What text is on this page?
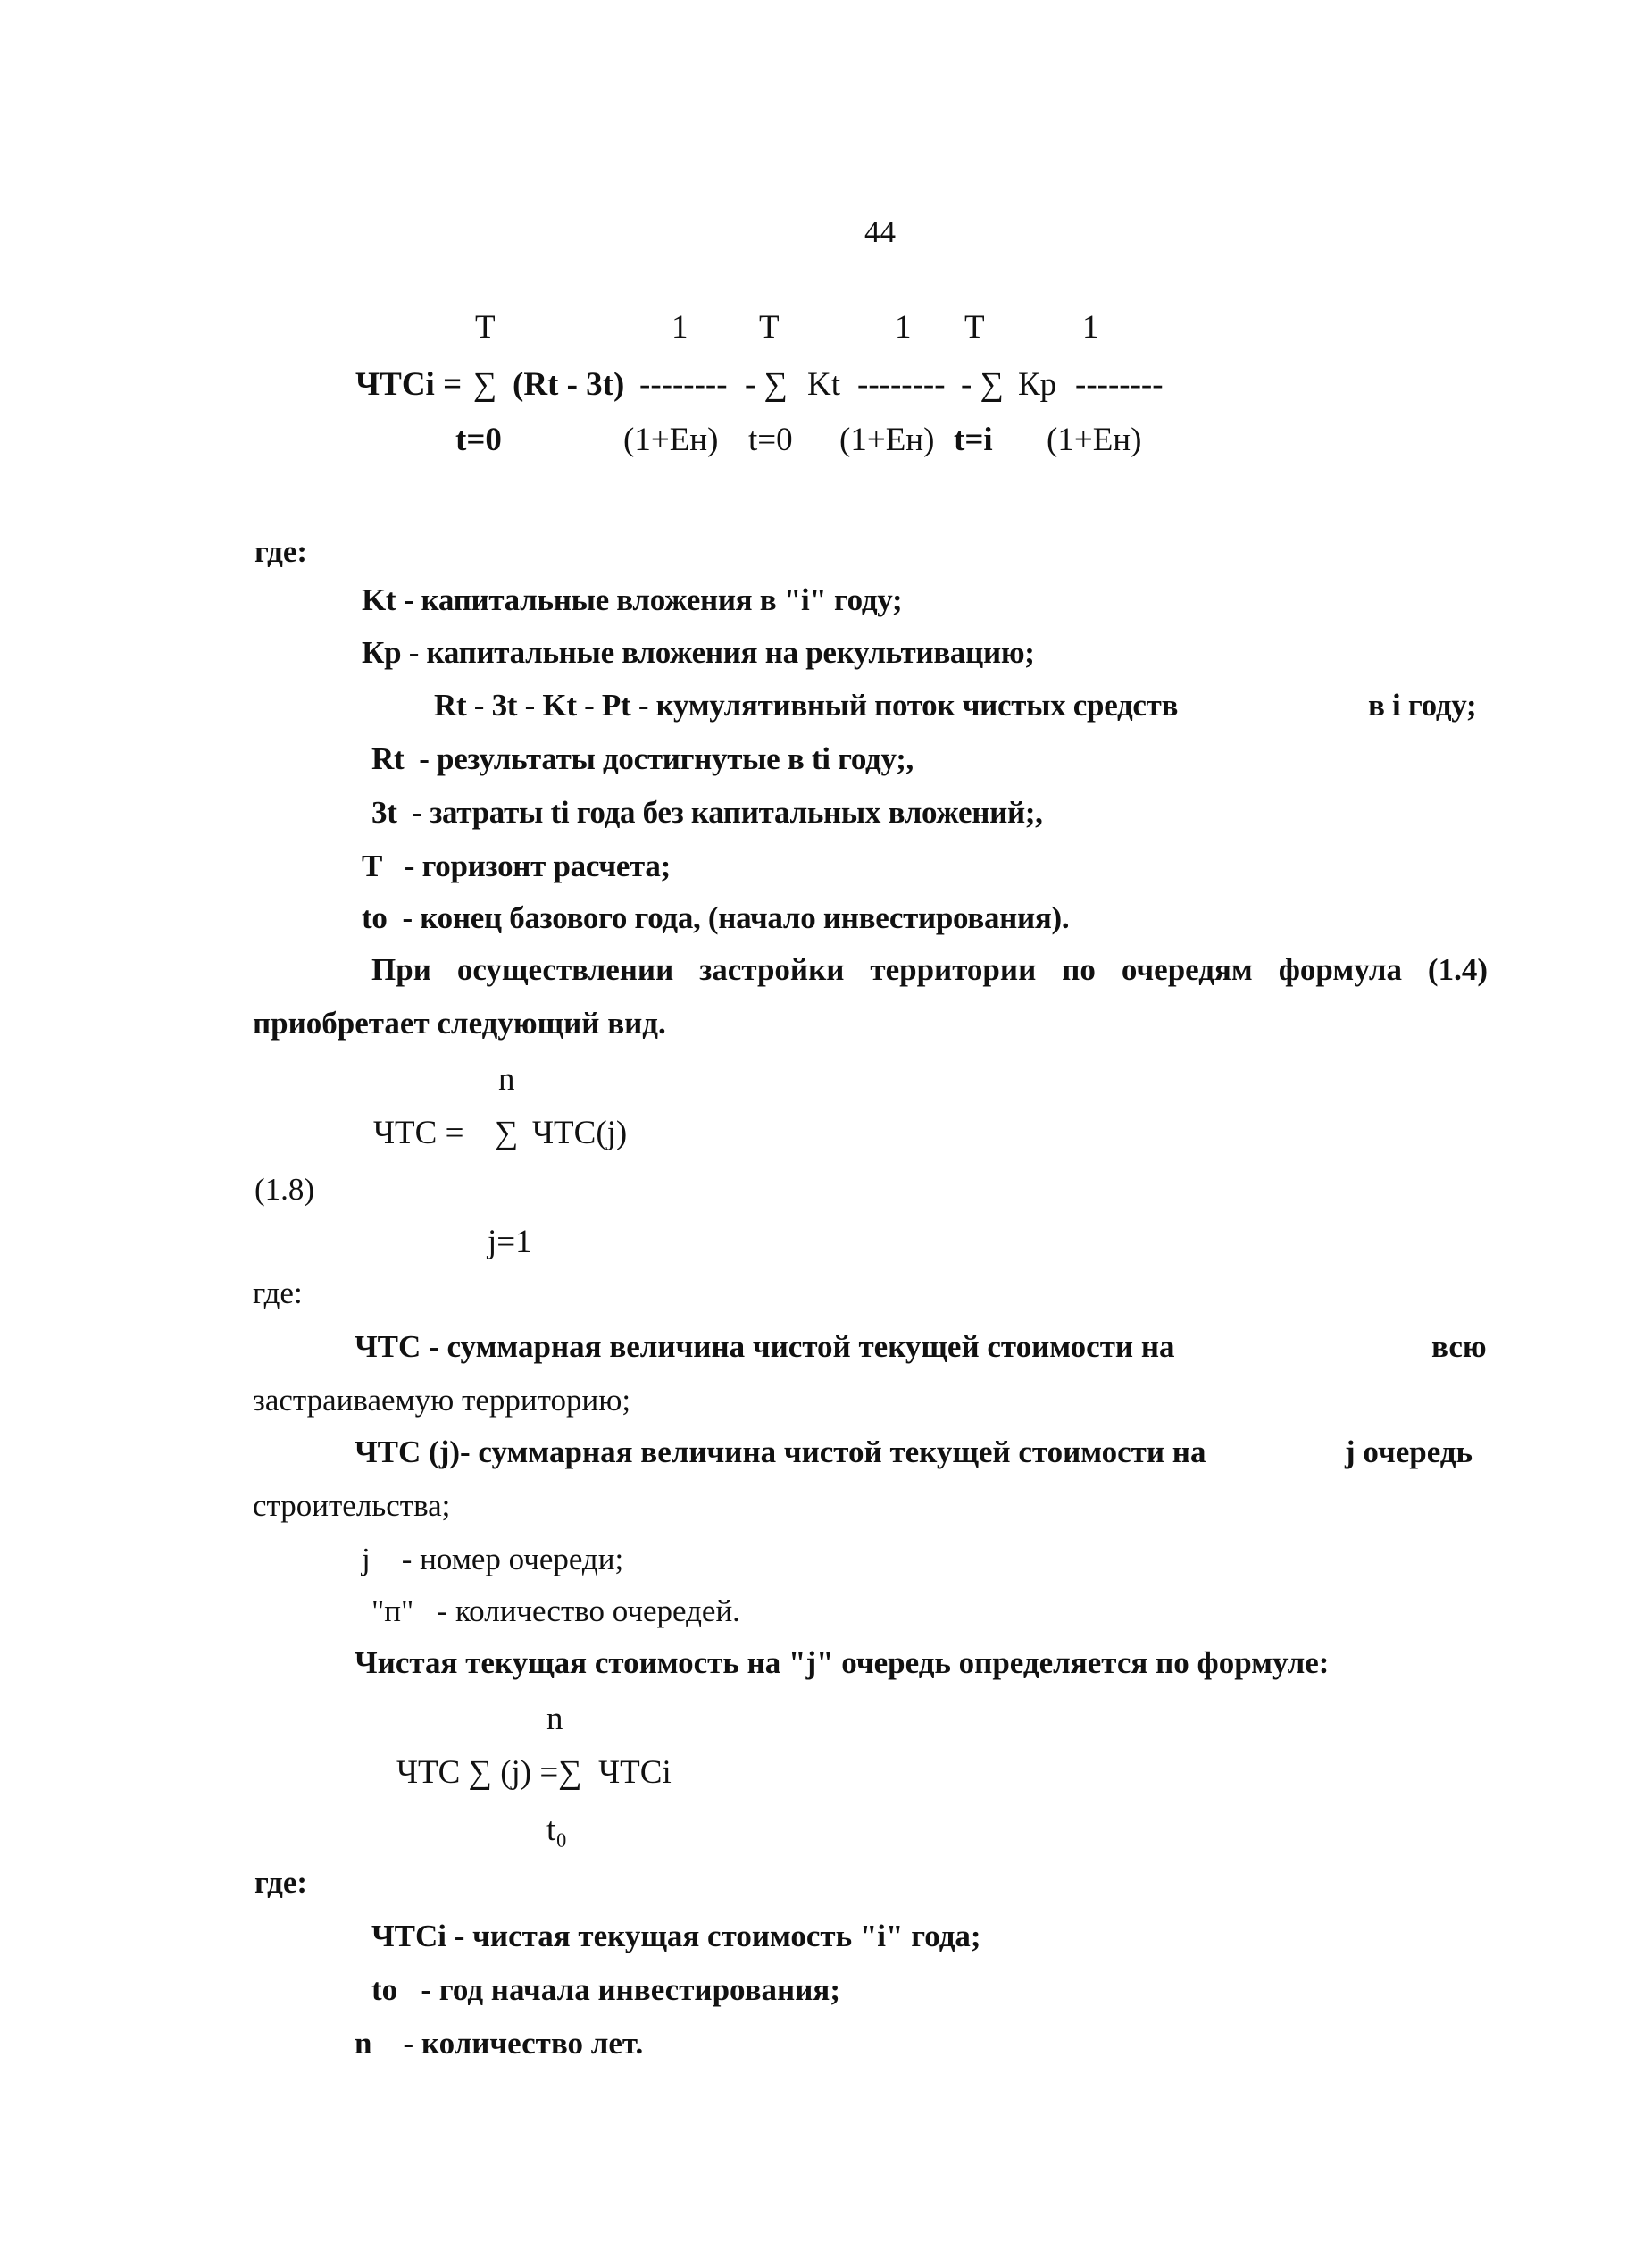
44
T	1 T	1 T	1
ЧТСi = ∑ (Rt - 3t) -------- - ∑ Kt -------- - ∑ Кр --------
t=0	(1+Ен) t=0 (1+Ен) t=i (1+Ен)
где:
Kt - капитальные вложения в "i" году;
Кр - капитальные вложения на рекультивацию;
Rt - 3t - Kt - Pt - кумулятивный поток чистых средств	в i году;
Rt  - результаты достигнутые в ti году;,
3t  - затраты ti года без капитальных вложений;,
T   - горизонт расчета;
to  - конец базового года, (начало инвестирования).
При осуществлении застройки территории по очередям формула (1.4)
приобретает следующий вид.
n
ЧТС = ∑ ЧТС(j)
(1.8)
j=1
где:
ЧТС - суммарная величина чистой текущей стоимости на	всю
застраиваемую территорию;
ЧТС (j)- суммарная величина чистой текущей стоимости на	j очередь
строительства;
j    - номер очереди;
"п"   - количество очередей.
Чистая текущая стоимость на "j" очередь определяется по формуле:
n
ЧТС ∑ (j) =∑  ЧТСi
t₀
где:
ЧТСi - чистая текущая стоимость "i" года;
to   - год начала инвестирования;
n    - количество лет.
